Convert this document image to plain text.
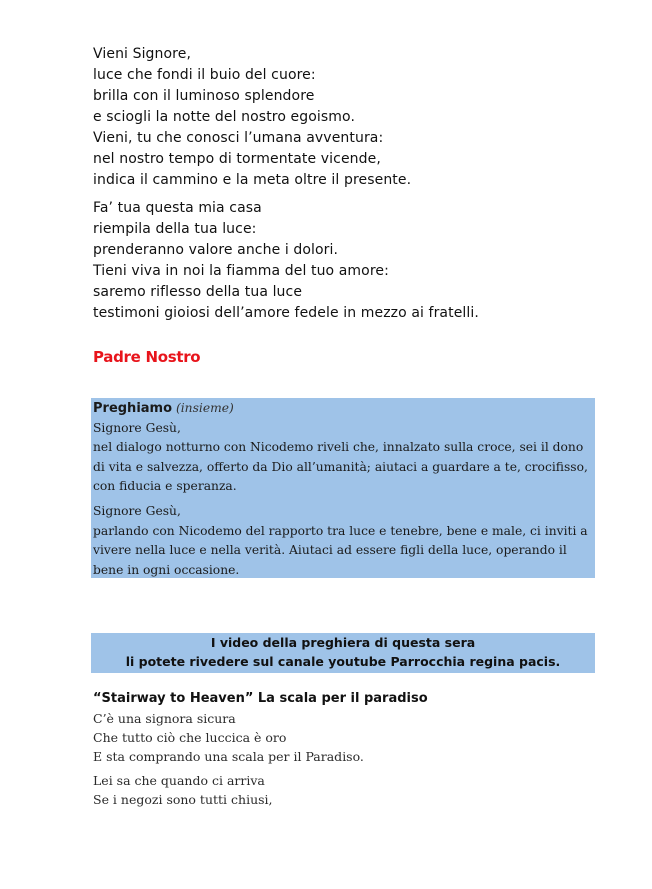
Vieni Signore,

luce che fondi il buio del cuore:

brilla con il luminoso splendore

e sciogli la notte del nostro egoismo.

Vieni, tu che conosci l’umana avventura:

nel nostro tempo di tormentate vicende,

indica il cammino e la meta oltre il presente.

Fa’ tua questa mia casa

riempila della tua luce:

prenderanno valore anche i dolori.

Tieni viva in noi la fiamma del tuo amore:

saremo riflesso della tua luce

testimoni gioiosi dell’amore fedele in mezzo ai fratelli.

Padre Nostro

Preghiamo (insieme)

Signore Gesù,

nel dialogo notturno con Nicodemo riveli che, innalzato sulla croce, sei il dono di vita e salvezza, offerto da Dio all’umanità; aiutaci a guardare a te, crocifisso, con fiducia e speranza.

Signore Gesù,

parlando con Nicodemo del rapporto tra luce e tenebre, bene e male, ci inviti a vivere nella luce e nella verità. Aiutaci ad essere figli della luce, operando il bene in ogni occasione.

I video della preghiera di questa sera

li potete rivedere sul canale youtube Parrocchia regina pacis.

“Stairway to Heaven” La scala per il paradiso

C’è una signora sicura

Che tutto ciò che luccica è oro

E sta comprando una scala per il Paradiso.

Lei sa che quando ci arriva

Se i negozi sono tutti chiusi,
